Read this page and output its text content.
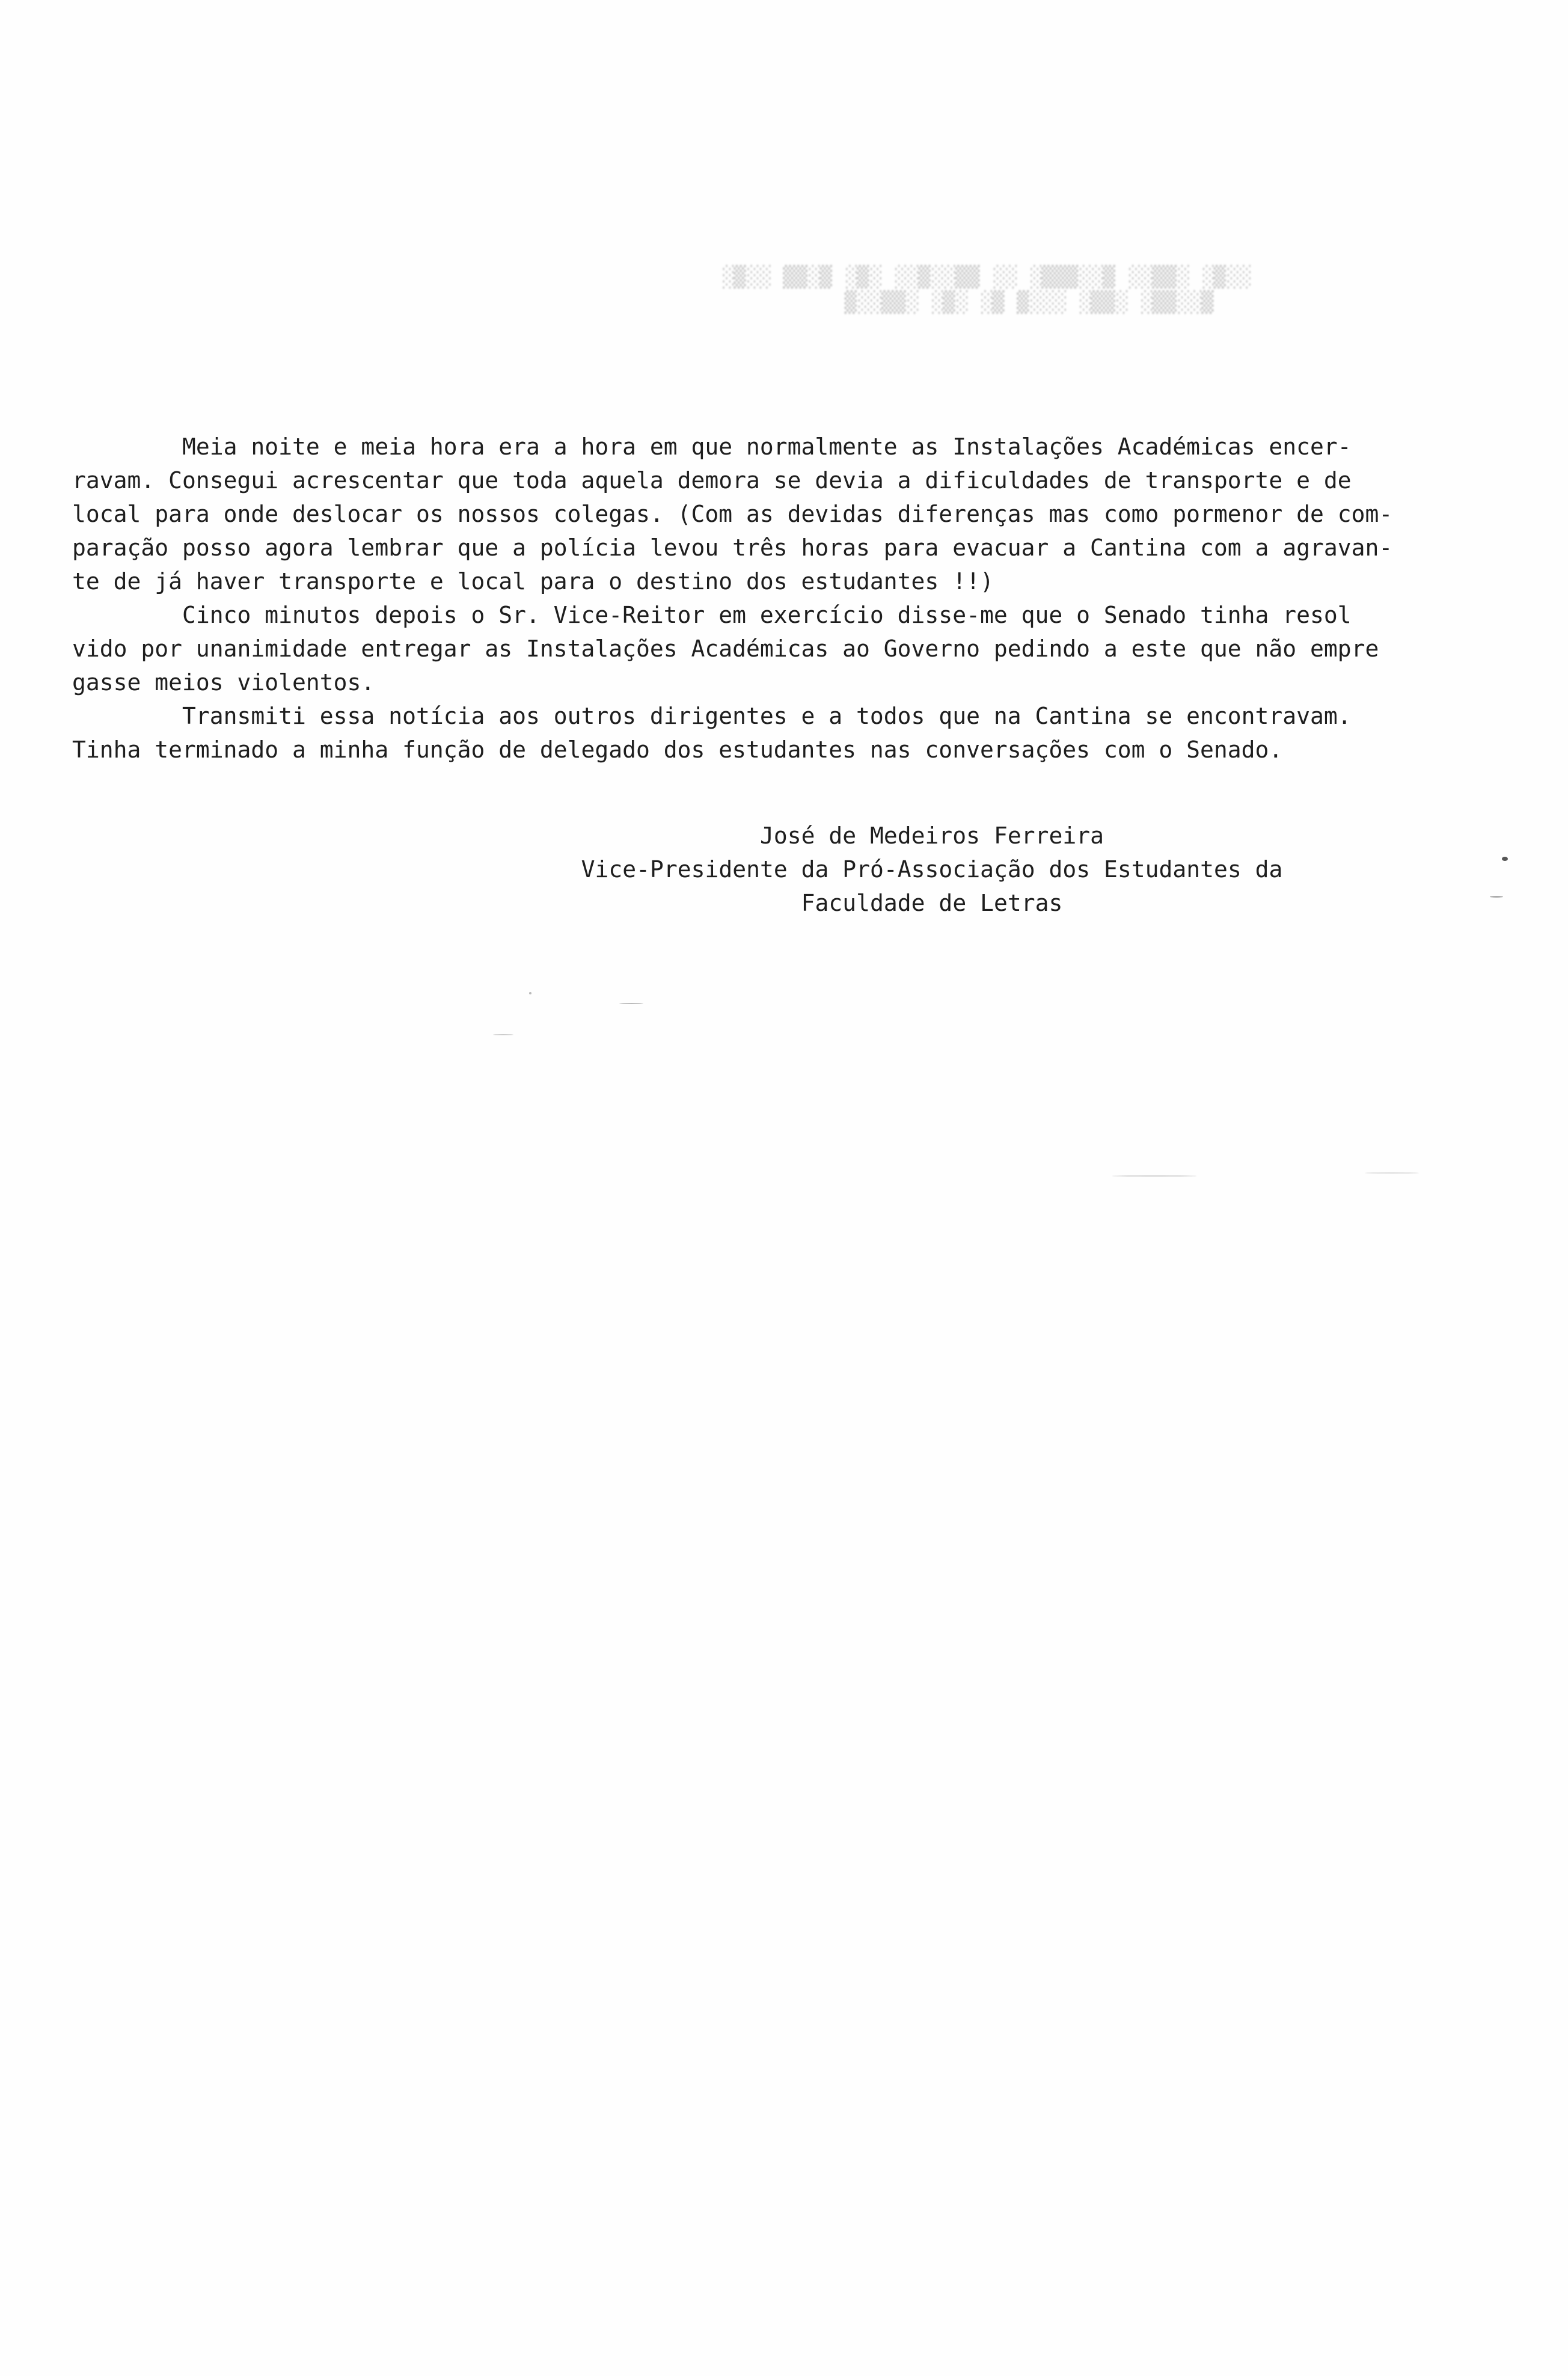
░░▒░ ░▒▒░░ ▒░░▒▒▒░ ░░ ▒▒░░▒░░ ░▒░ ▒░▒▒ ░░▒░
▒░░▒▒░ ░▒▒░ ░░░▒ ▒░ ░▒░ ░▒▒░░▒
Meia noite e meia hora era a hora em que normalmente as Instalações Académicas encer-
ravam. Consegui acrescentar que toda aquela demora se devia a dificuldades de transporte e de
local para onde deslocar os nossos colegas. (Com as devidas diferenças mas como pormenor de com-
paração posso agora lembrar que a polícia levou três horas para evacuar a Cantina com a agravan-
te de já haver transporte e local para o destino dos estudantes !!)
Cinco minutos depois o Sr. Vice-Reitor em exercício disse-me que o Senado tinha resol
vido por unanimidade entregar as Instalações Académicas ao Governo pedindo a este que não empre
gasse meios violentos.
Transmiti essa notícia aos outros dirigentes e a todos que na Cantina se encontravam.
Tinha terminado a minha função de delegado dos estudantes nas conversações com o Senado.
José de Medeiros Ferreira
Vice-Presidente da Pró-Associação dos Estudantes da
Faculdade de Letras
